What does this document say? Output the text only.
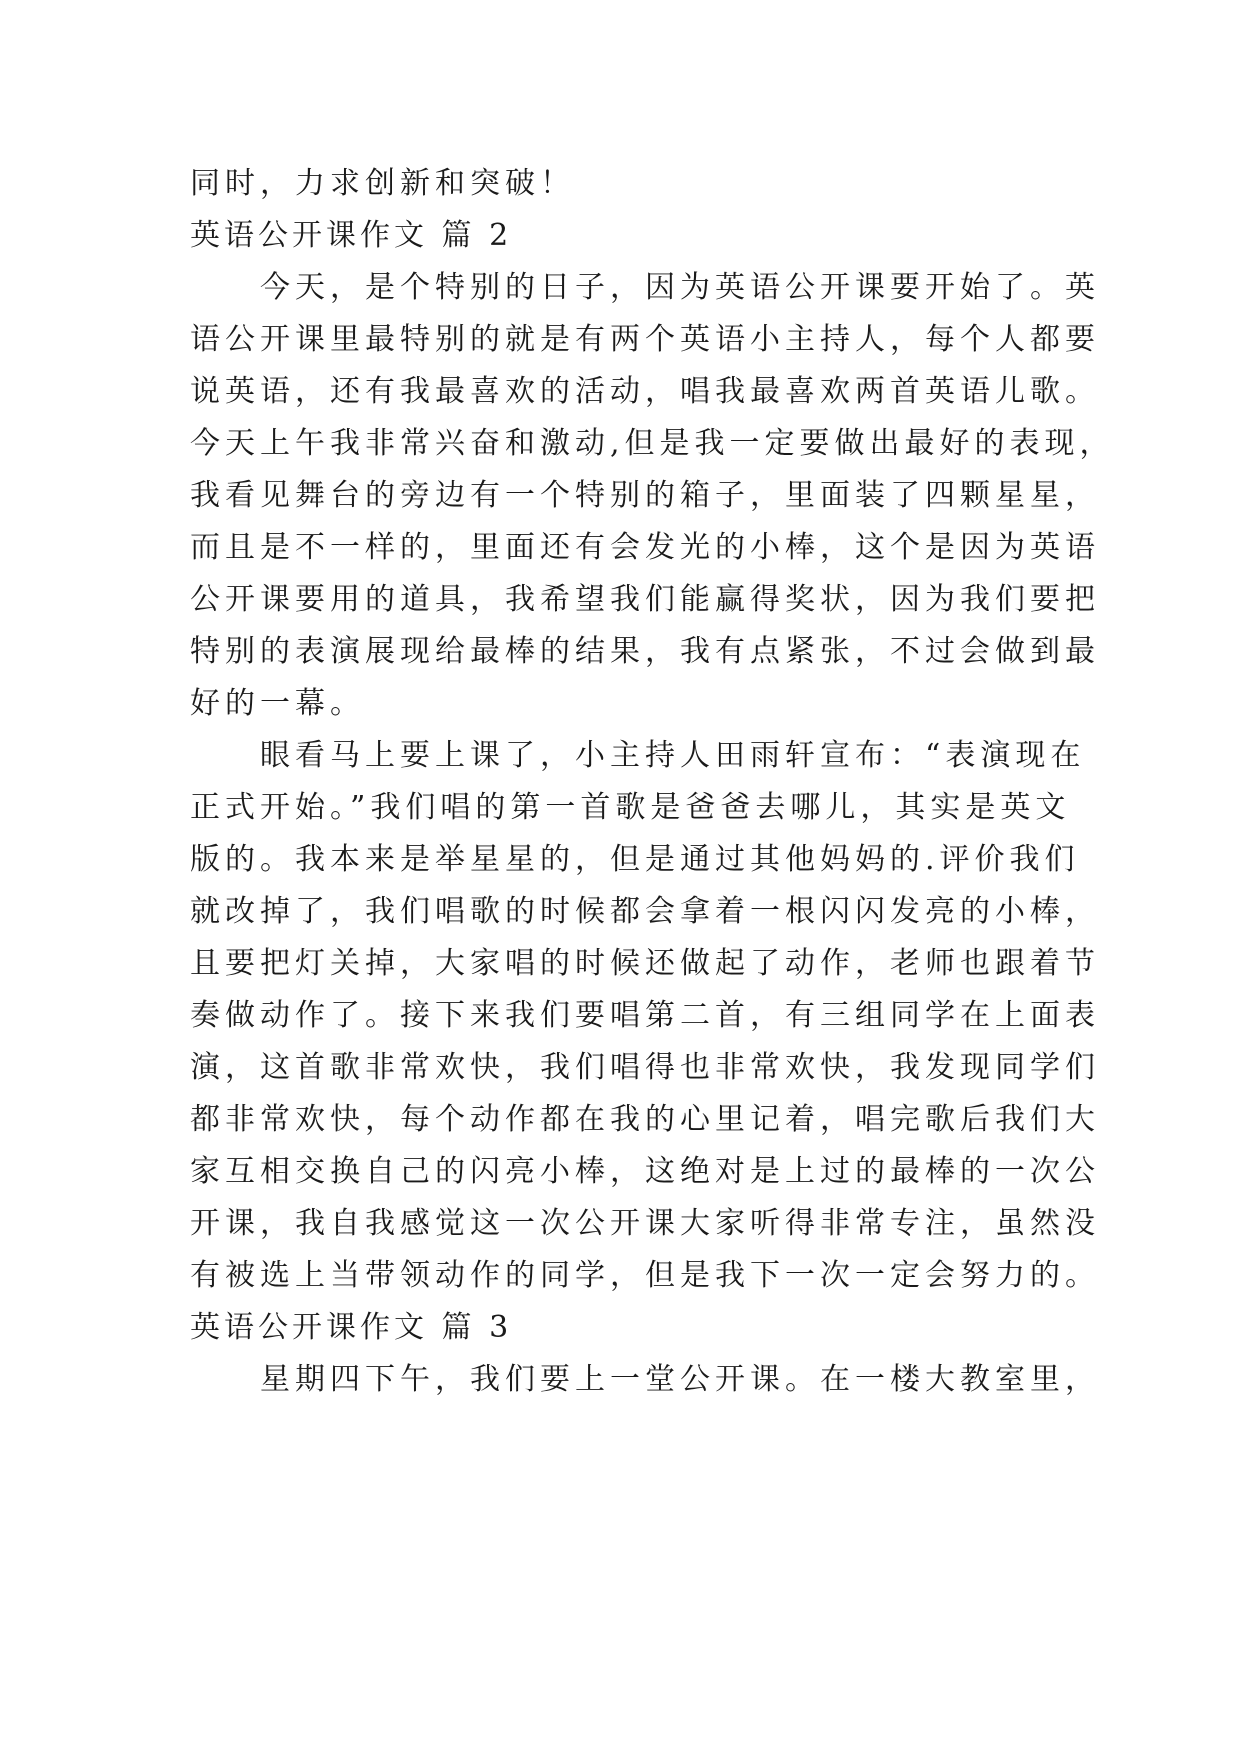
同时，力求创新和突破！
英语公开课作文 篇 2
今天，是个特别的日子，因为英语公开课要开始了。英
语公开课里最特别的就是有两个英语小主持人，每个人都要
说英语，还有我最喜欢的活动，唱我最喜欢两首英语儿歌。
今天上午我非常兴奋和激动,但是我一定要做出最好的表现，
我看见舞台的旁边有一个特别的箱子，里面装了四颗星星，
而且是不一样的，里面还有会发光的小棒，这个是因为英语
公开课要用的道具，我希望我们能赢得奖状，因为我们要把
特别的表演展现给最棒的结果，我有点紧张，不过会做到最
好的一幕。
眼看马上要上课了，小主持人田雨轩宣布：“表演现在
正式开始。”我们唱的第一首歌是爸爸去哪儿，其实是英文
版的。我本来是举星星的，但是通过其他妈妈的.评价我们
就改掉了，我们唱歌的时候都会拿着一根闪闪发亮的小棒，
且要把灯关掉，大家唱的时候还做起了动作，老师也跟着节
奏做动作了。接下来我们要唱第二首，有三组同学在上面表
演，这首歌非常欢快，我们唱得也非常欢快，我发现同学们
都非常欢快，每个动作都在我的心里记着，唱完歌后我们大
家互相交换自己的闪亮小棒，这绝对是上过的最棒的一次公
开课，我自我感觉这一次公开课大家听得非常专注，虽然没
有被选上当带领动作的同学，但是我下一次一定会努力的。
英语公开课作文 篇 3
星期四下午，我们要上一堂公开课。在一楼大教室里，
